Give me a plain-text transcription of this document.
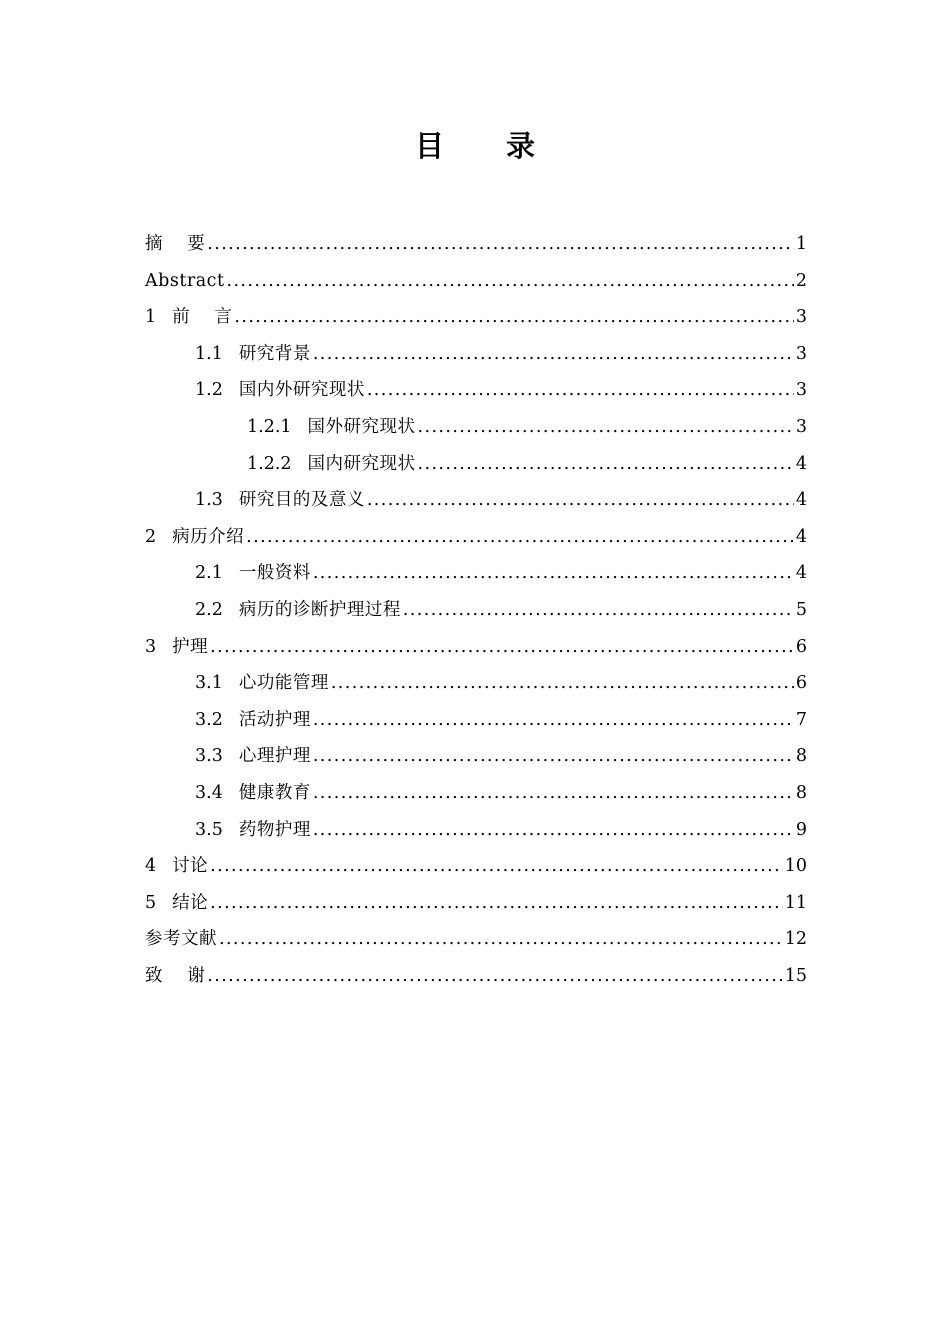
目 录
摘    要 .....	1
Abstract .....	2
1 前    言 .....	3
1.1 研究背景 .....	3
1.2 国内外研究现状 .....	3
1.2.1 国外研究现状 .....	3
1.2.2 国内研究现状 .....	4
1.3 研究目的及意义 .....	4
2 病历介绍 .....	4
2.1 一般资料 .....	4
2.2 病历的诊断护理过程 .....	5
3 护理 .....	6
3.1 心功能管理 .....	6
3.2 活动护理 .....	7
3.3 心理护理 .....	8
3.4 健康教育 .....	8
3.5 药物护理 .....	9
4 讨论 .....	10
5 结论 .....	11
参考文献 .....	12
致    谢 .....	15
